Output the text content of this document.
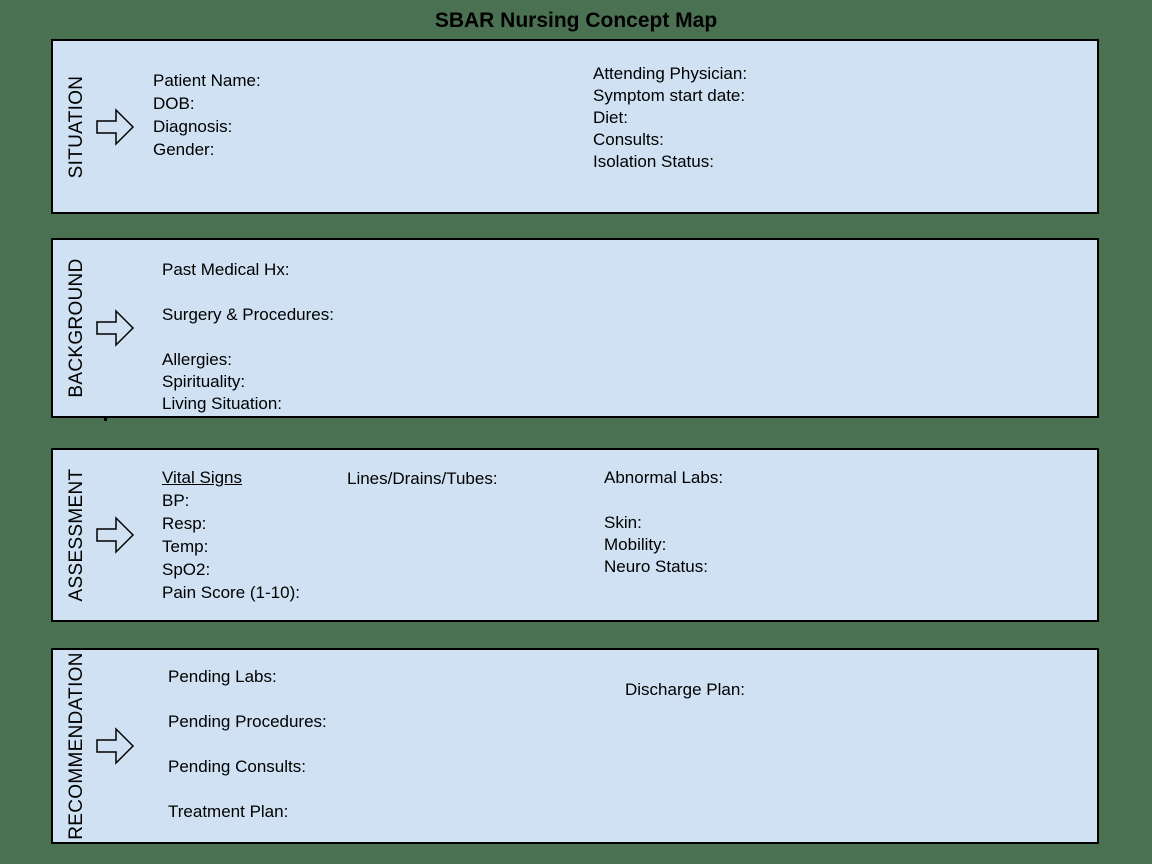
SBAR Nursing Concept Map
SITUATION	Patient Name:
DOB:
Diagnosis:
Gender:
Attending Physician:
Symptom start date:
Diet:
Consults:
Isolation Status:
BACKGROUND	Past Medical Hx:
Surgery & Procedures:
Allergies:
Spirituality:
Living Situation:
ASSESSMENT	Vital Signs
BP:
Resp:
Temp:
SpO2:
Pain Score (1-10):
Lines/Drains/Tubes:	Abnormal Labs:
Skin:
Mobility:
Neuro Status:
RECOMMENDATION	Pending Labs:
Pending Procedures:
Pending Consults:
Treatment Plan:
Discharge Plan:
